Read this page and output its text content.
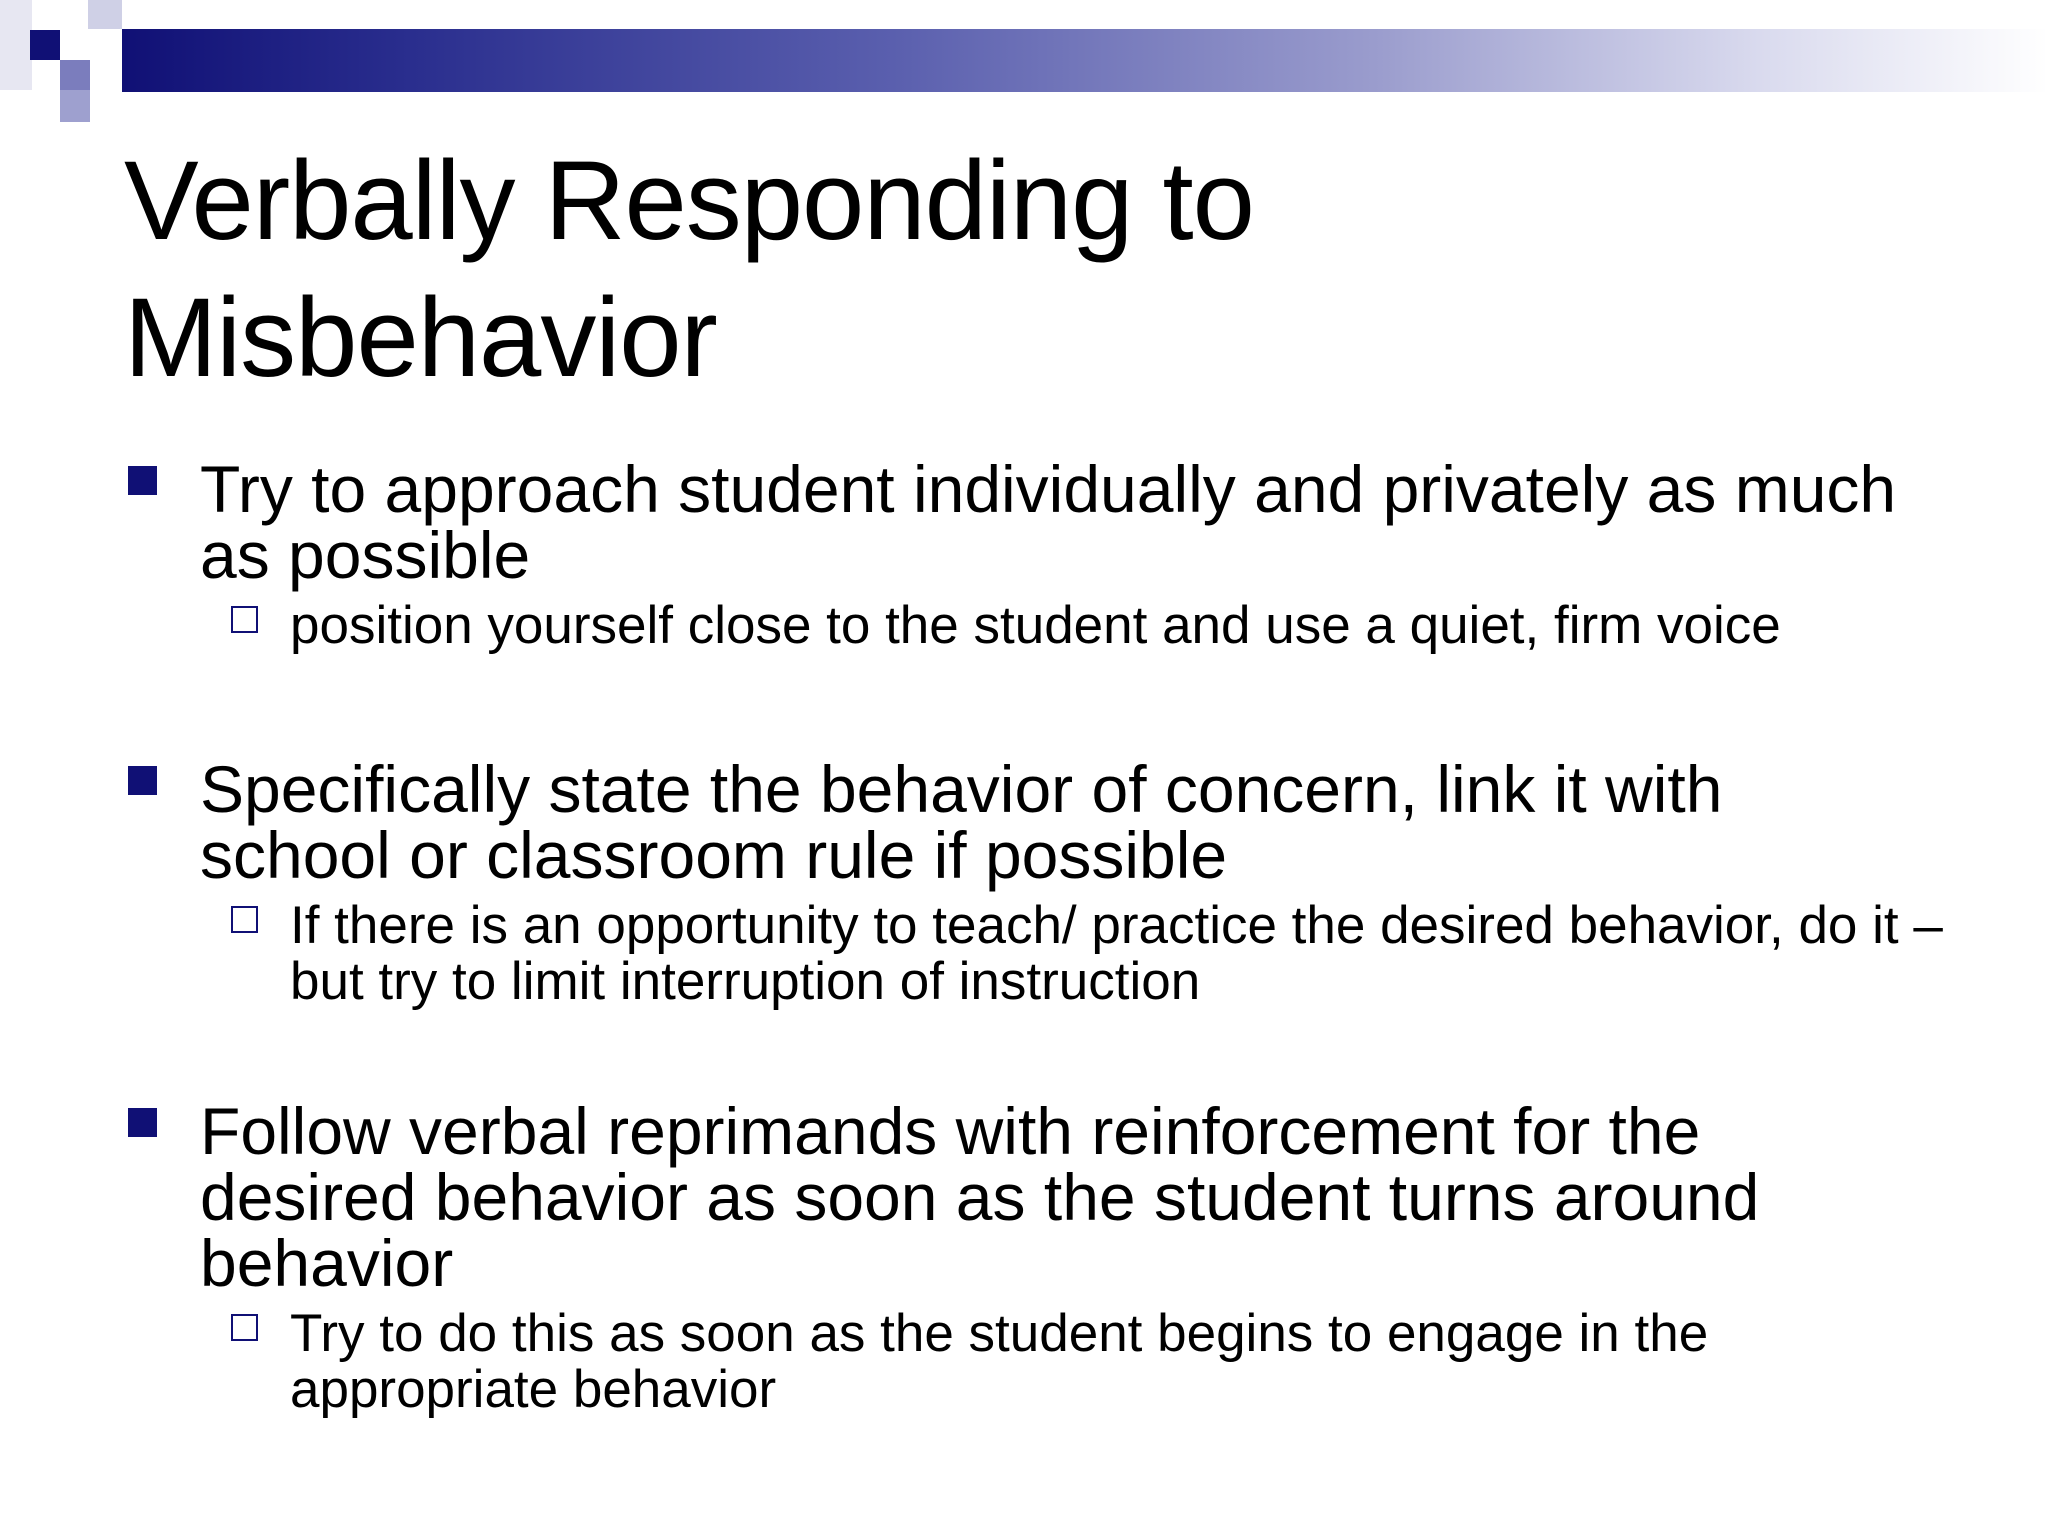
Verbally Responding to
Misbehavior
Try to approach student individually and privately as much as possible
position yourself close to the student and use a quiet, firm voice
Specifically state the behavior of concern, link it with school or classroom rule if possible
If there is an opportunity to teach/ practice the desired behavior, do it – but try to limit interruption of instruction
Follow verbal reprimands with reinforcement for the desired behavior as soon as the student turns around behavior
Try to do this as soon as the student begins to engage in the appropriate behavior
